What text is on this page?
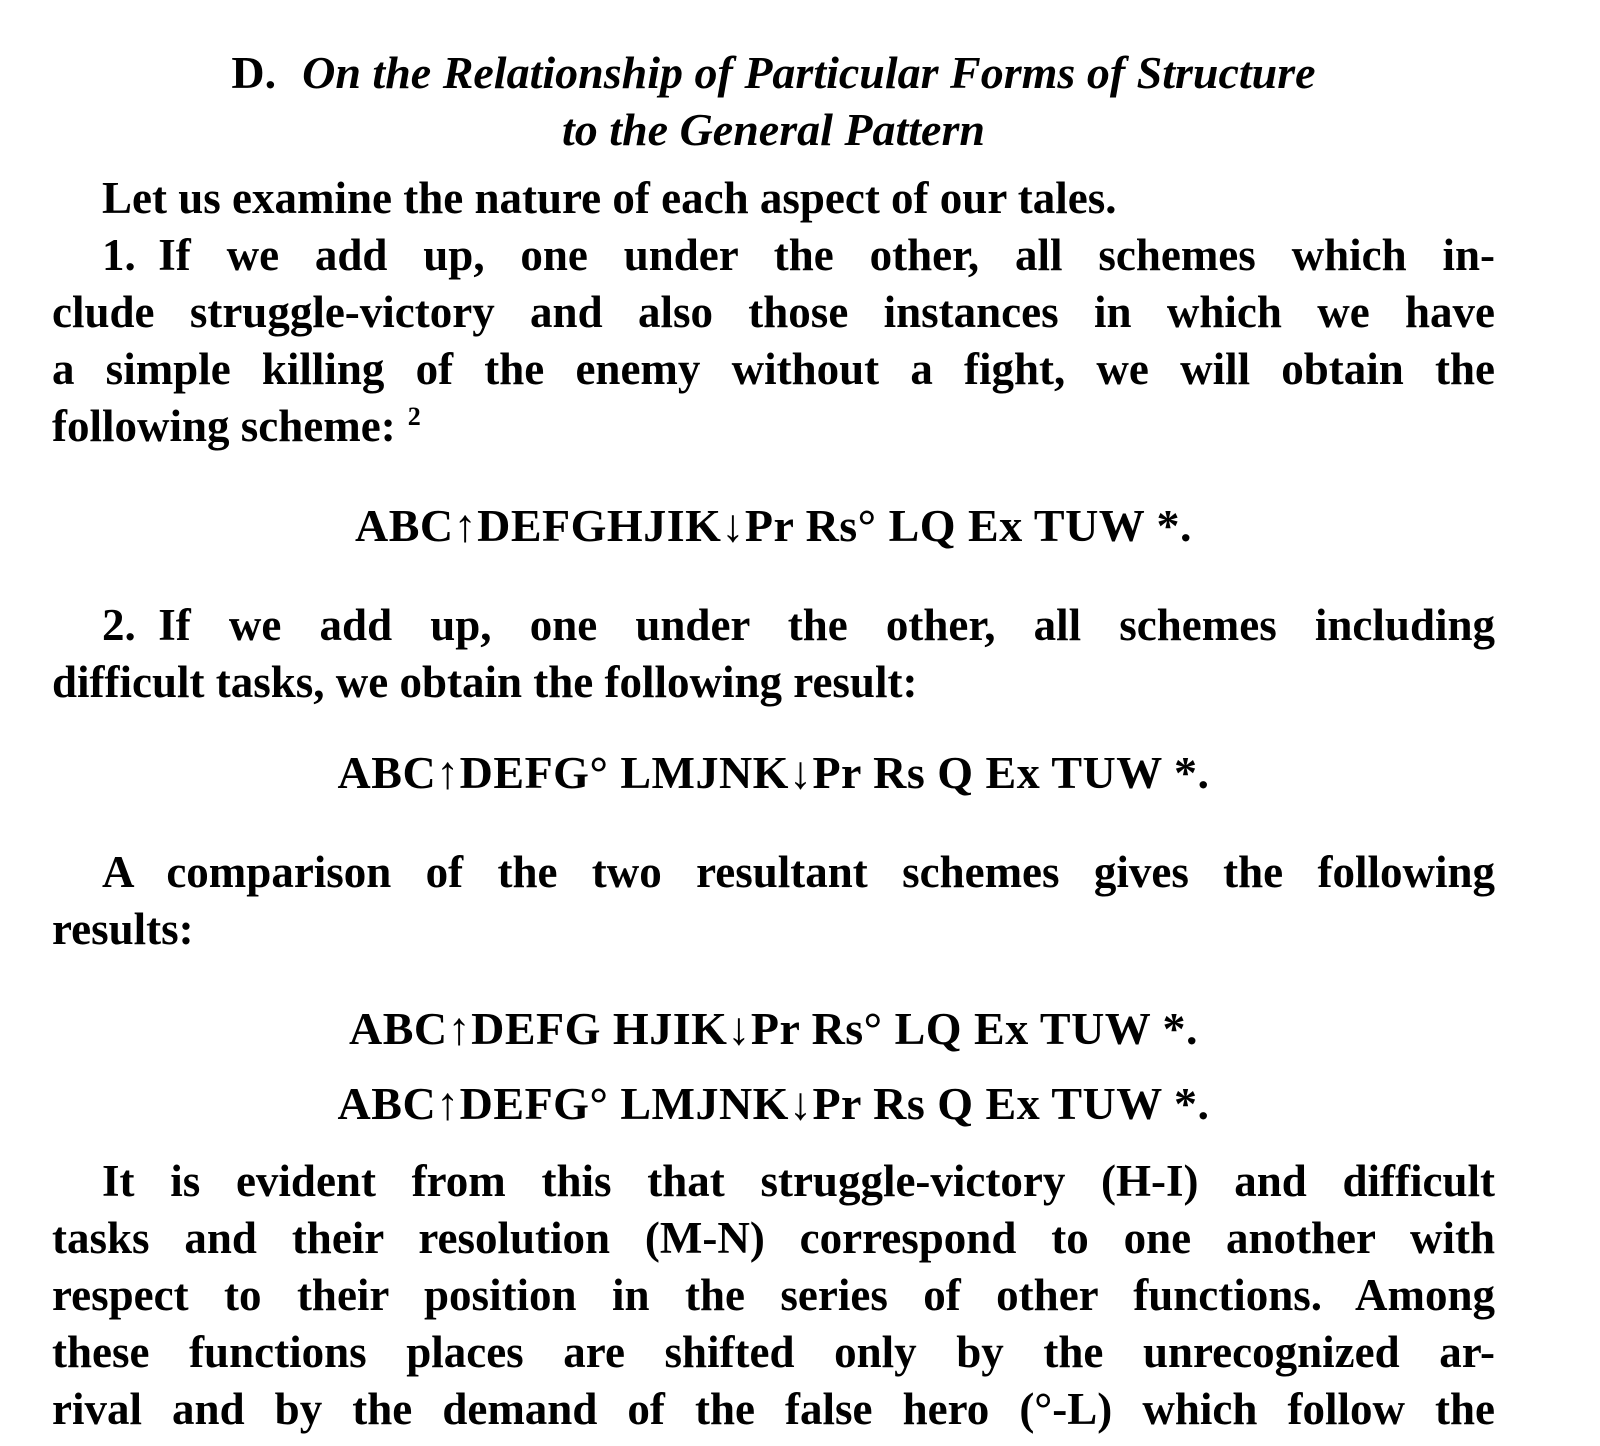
D. On the Relationship of Particular Forms of Structure
to the General Pattern
Let us examine the nature of each aspect of our tales.
1. If we add up, one under the other, all schemes which in-
clude struggle-victory and also those instances in which we have
a simple killing of the enemy without a fight, we will obtain the
following scheme: $^2$
ABC↑DEFGHJIK↓Pr Rs° LQ Ex TUW *.
2. If we add up, one under the other, all schemes including
difficult tasks, we obtain the following result:
ABC↑DEFG° LMJNK↓Pr Rs Q Ex TUW *.
A comparison of the two resultant schemes gives the following
results:
ABC↑DEFG HJIK↓Pr Rs° LQ Ex TUW *.
ABC↑DEFG° LMJNK↓Pr Rs Q Ex TUW *.
It is evident from this that struggle-victory (H-I) and difficult
tasks and their resolution (M-N) correspond to one another with
respect to their position in the series of other functions. Among
these functions places are shifted only by the unrecognized ar-
rival and by the demand of the false hero (°-L) which follow the
